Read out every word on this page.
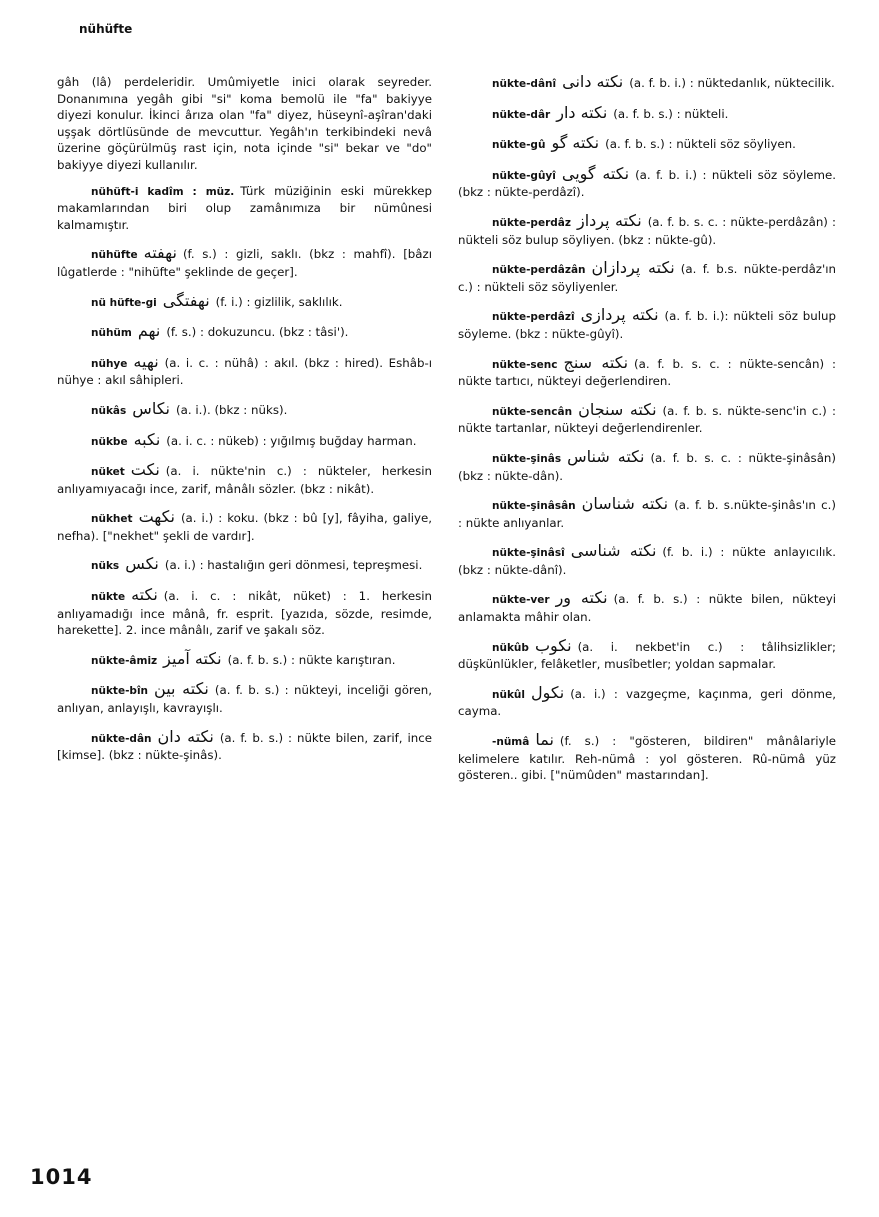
nühüfte

gâh (lâ) perdeleridir. Umûmiyetle inici olarak seyreder. Donanımına yegâh gibi "si" koma bemolü ile "fa" bakiyye diyezi konulur. İkinci ârıza olan "fa" diyez, hüseynî-aşîran'daki uşşak dörtlüsünde de mevcuttur. Yegâh'ın terkibindeki nevâ üzerine göçürülmüş rast için, nota içinde "si" bekar ve "do" bakiyye diyezi kullanılır.

nühüft-i kadîm : müz. Türk müziğinin eski mürekkep makamlarından biri olup zamânımıza bir nümûnesi kalmamıştır.

nühüfte نهفته (f. s.) : gizli, saklı. (bkz : mahfî). [bâzı lûgatlerde : "nihüfte" şeklinde de geçer].

nü hüfte-gi نهفتگی (f. i.) : gizlilik, saklılık.

nühüm نهم (f. s.) : dokuzuncu. (bkz : tâsi').

nühye نهیه (a. i. c. : nühâ) : akıl. (bkz : hired). Eshâb-ı nühye : akıl sâhipleri.

nükâs نكاس (a. i.). (bkz : nüks).

nükbe نكبه (a. i. c. : nükeb) : yığılmış buğday harman.

nüket نكت (a. i. nükte'nin c.) : nükteler, herkesin anlıyamıyacağı ince, zarif, mânâlı sözler. (bkz : nikât).

nükhet نكهت (a. i.) : koku. (bkz : bû [y], fâyiha, galiye, nefha). ["nekhet" şekli de vardır].

nüks نكس (a. i.) : hastalığın geri dönmesi, tepreşmesi.

nükte نكته (a. i. c. : nikât, nüket) : 1. herkesin anlıyamadığı ince mânâ, fr. esprit. [yazıda, sözde, resimde, harekette]. 2. ince mânâlı, zarif ve şakalı söz.

nükte-âmiz نكته آميز (a. f. b. s.) : nükte karıştıran.

nükte-bîn نكته بين (a. f. b. s.) : nükteyi, inceliği gören, anlıyan, anlayışlı, kavrayışlı.

nükte-dân نكته دان (a. f. b. s.) : nükte bilen, zarif, ince [kimse]. (bkz : nükte-şinâs).

nükte-dânî نكته دانى (a. f. b. i.) : nüktedanlık, nüktecilik.

nükte-dâr نكته دار (a. f. b. s.) : nükteli.

nükte-gû نكته گو (a. f. b. s.) : nükteli söz söyliyen.

nükte-gûyî نكته گويى (a. f. b. i.) : nükteli söz söyleme. (bkz : nükte-perdâzî).

nükte-perdâz نكته پرداز (a. f. b. s. c. : nükte-perdâzân) : nükteli söz bulup söyliyen. (bkz : nükte-gû).

nükte-perdâzân نكته پردازان (a. f. b.s. nükte-perdâz'ın c.) : nükteli söz söyliyenler.

nükte-perdâzî نكته پردازى (a. f. b. i.): nükteli söz bulup söyleme. (bkz : nükte-gûyî).

nükte-senc نكته سنج (a. f. b. s. c. : nükte-sencân) : nükte tartıcı, nükteyi değerlendiren.

nükte-sencân نكته سنجان (a. f. b. s. nükte-senc'in c.) : nükte tartanlar, nükteyi değerlendirenler.

nükte-şinâs نكته شناس (a. f. b. s. c. : nükte-şinâsân) (bkz : nükte-dân).

nükte-şinâsân نكته شناسان (a. f. b. s.nükte-şinâs'ın c.) : nükte anlıyanlar.

nükte-şinâsî نكته شناسى (f. b. i.) : nükte anlayıcılık. (bkz : nükte-dânî).

nükte-ver نكته ور (a. f. b. s.) : nükte bilen, nükteyi anlamakta mâhir olan.

nükûb نكوب (a. i. nekbet'in c.) : tâlihsizlikler; düşkünlükler, felâketler, musîbetler; yoldan sapmalar.

nükûl نكول (a. i.) : vazgeçme, kaçınma, geri dönme, cayma.

-nümâ نما (f. s.) : "gösteren, bildiren" mânâlariyle kelimelere katılır. Reh-nümâ : yol gösteren. Rû-nümâ yüz gösteren.. gibi. ["nümûden" mastarından].

1014
